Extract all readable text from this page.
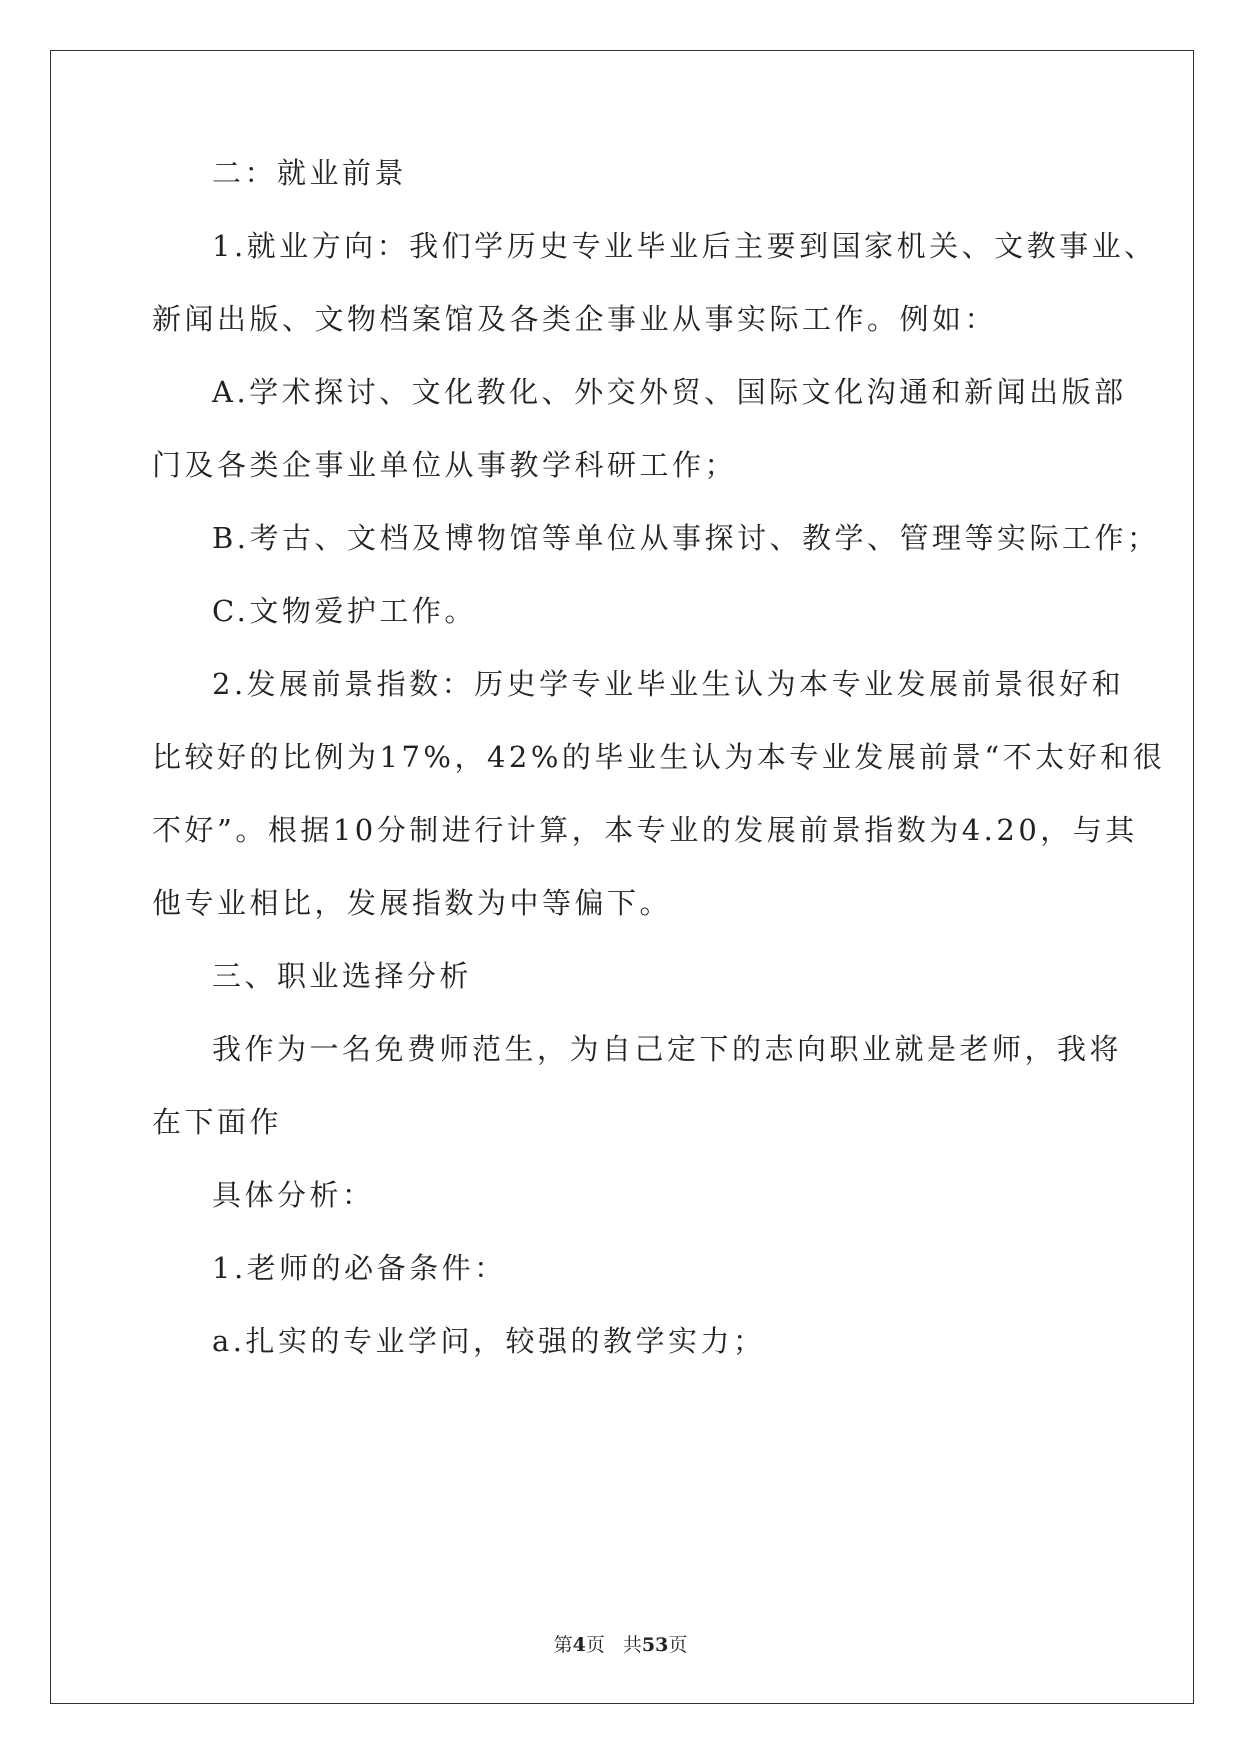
二：就业前景
1.就业方向：我们学历史专业毕业后主要到国家机关、文教事业、
新闻出版、文物档案馆及各类企事业从事实际工作。例如：
A.学术探讨、文化教化、外交外贸、国际文化沟通和新闻出版部
门及各类企事业单位从事教学科研工作；
B.考古、文档及博物馆等单位从事探讨、教学、管理等实际工作；
C.文物爱护工作。
2.发展前景指数：历史学专业毕业生认为本专业发展前景很好和
比较好的比例为17%，42%的毕业生认为本专业发展前景“不太好和很
不好”。根据10分制进行计算，本专业的发展前景指数为4.20，与其
他专业相比，发展指数为中等偏下。
三、职业选择分析
我作为一名免费师范生，为自己定下的志向职业就是老师，我将
在下面作
具体分析：
1.老师的必备条件：
a.扎实的专业学问，较强的教学实力；
第4页 共53页
